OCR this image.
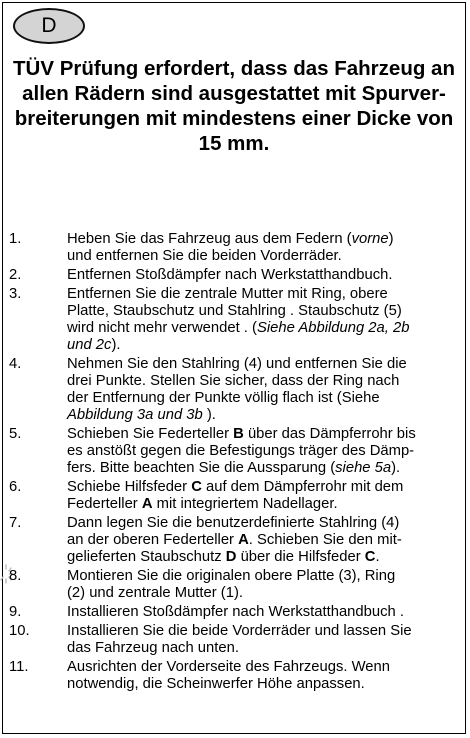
D
TÜV Prüfung erfordert, dass das Fahrzeug an
allen Rädern sind ausgestattet mit Spurver-
breiterungen mit mindestens einer Dicke von
15 mm.
1.	Heben Sie das Fahrzeug aus dem Federn (vorne)
und entfernen Sie die beiden Vorderräder.
2.	Entfernen Stoßdämpfer nach Werkstatthandbuch.
3.	Entfernen Sie die zentrale Mutter mit Ring, obere
Platte, Staubschutz und Stahlring . Staubschutz (5)
wird nicht mehr verwendet . (Siehe Abbildung 2a, 2b
und 2c).
4.	Nehmen Sie den Stahlring (4) und entfernen Sie die
drei Punkte. Stellen Sie sicher, dass der Ring nach
der Entfernung der Punkte völlig flach ist (Siehe
Abbildung 3a und 3b ).
5.	Schieben Sie Federteller B über das Dämpferrohr bis
es anstößt gegen die Befestigungs träger des Dämp-
fers. Bitte beachten Sie die Aussparung (siehe 5a).
6.	Schiebe Hilfsfeder C auf dem Dämpferrohr mit dem
Federteller A mit integriertem Nadellager.
7.	Dann legen Sie die benutzerdefinierte Stahlring (4)
an der oberen Federteller A. Schieben Sie den mit-
gelieferten Staubschutz D über die Hilfsfeder C.
8.	Montieren Sie die originalen obere Platte (3), Ring
(2) und zentrale Mutter (1).
9.	Installieren Stoßdämpfer nach Werkstatthandbuch .
10.	Installieren Sie die beide Vorderräder und lassen Sie
das Fahrzeug nach unten.
11.	Ausrichten der Vorderseite des Fahrzeugs. Wenn
notwendig, die Scheinwerfer Höhe anpassen.
